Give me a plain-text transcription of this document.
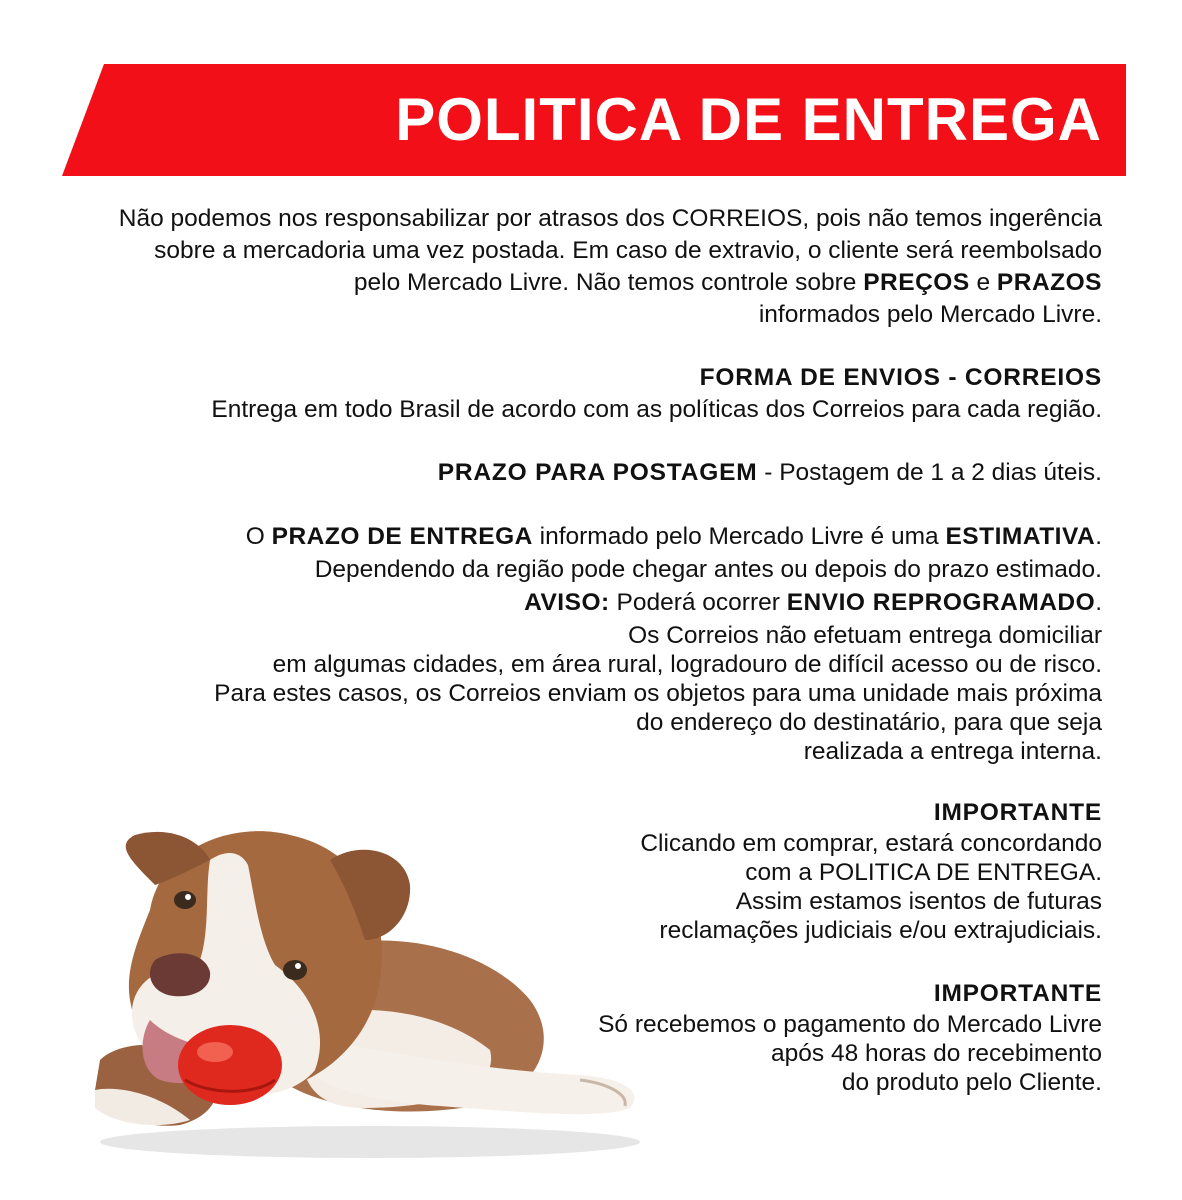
POLITICA DE ENTREGA

Não podemos nos responsabilizar por atrasos dos CORREIOS, pois não temos ingerência

sobre a mercadoria uma vez postada. Em caso de extravio, o cliente será reembolsado

pelo Mercado Livre. Não temos controle sobre PREÇOS e PRAZOS

informados pelo Mercado Livre.

FORMA DE ENVIOS - CORREIOS

Entrega em todo Brasil de acordo com as políticas dos Correios para cada região.

PRAZO PARA POSTAGEM - Postagem de 1 a 2 dias úteis.

O PRAZO DE ENTREGA informado pelo Mercado Livre é uma ESTIMATIVA.

Dependendo da região pode chegar antes ou depois do prazo estimado.

AVISO: Poderá ocorrer ENVIO REPROGRAMADO.

Os Correios não efetuam entrega domiciliar

em algumas cidades, em área rural, logradouro de difícil acesso ou de risco.

Para estes casos, os Correios enviam os objetos para uma unidade mais próxima

do endereço do destinatário, para que seja

realizada a entrega interna.

IMPORTANTE

Clicando em comprar, estará concordando

com a POLITICA DE ENTREGA.

Assim estamos isentos de futuras

reclamações judiciais e/ou extrajudiciais.

IMPORTANTE

Só recebemos o pagamento do Mercado Livre

após 48 horas do recebimento

do produto pelo Cliente.
